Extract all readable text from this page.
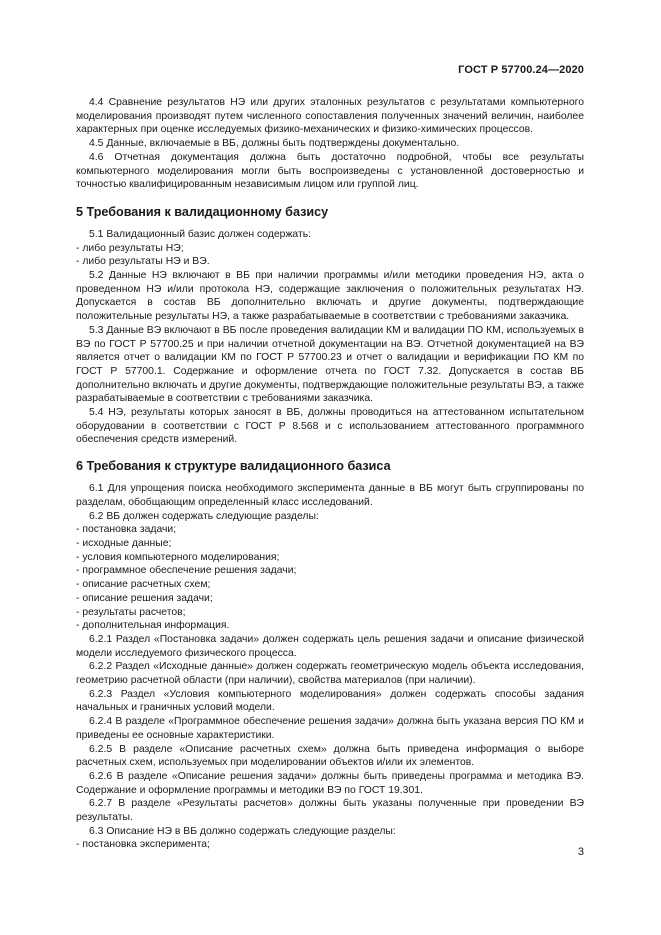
ГОСТ Р 57700.24—2020

4.4 Сравнение результатов НЭ или других эталонных результатов с результатами компьютерного моделирования производят путем численного сопоставления полученных значений величин, наиболее характерных при оценке исследуемых физико-механических и физико-химических процессов.

4.5 Данные, включаемые в ВБ, должны быть подтверждены документально.

4.6 Отчетная документация должна быть достаточно подробной, чтобы все результаты компьютерного моделирования могли быть воспроизведены с установленной достоверностью и точностью квалифицированным независимым лицом или группой лиц.

5 Требования к валидационному базису

5.1 Валидационный базис должен содержать:

- либо результаты НЭ;

- либо результаты НЭ и ВЭ.

5.2 Данные НЭ включают в ВБ при наличии программы и/или методики проведения НЭ, акта о проведенном НЭ и/или протокола НЭ, содержащие заключения о положительных результатах НЭ. Допускается в состав ВБ дополнительно включать и другие документы, подтверждающие положительные результаты НЭ, а также разрабатываемые в соответствии с требованиями заказчика.

5.3 Данные ВЭ включают в ВБ после проведения валидации КМ и валидации ПО КМ, используемых в ВЭ по ГОСТ Р 57700.25 и при наличии отчетной документации на ВЭ. Отчетной документацией на ВЭ является отчет о валидации КМ по ГОСТ Р 57700.23 и отчет о валидации и верификации ПО КМ по ГОСТ Р 57700.1. Содержание и оформление отчета по ГОСТ 7.32. Допускается в состав ВБ дополнительно включать и другие документы, подтверждающие положительные результаты ВЭ, а также разрабатываемые в соответствии с требованиями заказчика.

5.4 НЭ, результаты которых заносят в ВБ, должны проводиться на аттестованном испытательном оборудовании в соответствии с ГОСТ Р 8.568 и с использованием аттестованного программного обеспечения средств измерений.

6 Требования к структуре валидационного базиса

6.1 Для упрощения поиска необходимого эксперимента данные в ВБ могут быть сгруппированы по разделам, обобщающим определенный класс исследований.

6.2 ВБ должен содержать следующие разделы:

- постановка задачи;

- исходные данные;

- условия компьютерного моделирования;

- программное обеспечение решения задачи;

- описание расчетных схем;

- описание решения задачи;

- результаты расчетов;

- дополнительная информация.

6.2.1 Раздел «Постановка задачи» должен содержать цель решения задачи и описание физической модели исследуемого физического процесса.

6.2.2 Раздел «Исходные данные» должен содержать геометрическую модель объекта исследования, геометрию расчетной области (при наличии), свойства материалов (при наличии).

6.2.3 Раздел «Условия компьютерного моделирования» должен содержать способы задания начальных и граничных условий модели.

6.2.4 В разделе «Программное обеспечение решения задачи» должна быть указана версия ПО КМ и приведены ее основные характеристики.

6.2.5 В разделе «Описание расчетных схем» должна быть приведена информация о выборе расчетных схем, используемых при моделировании объектов и/или их элементов.

6.2.6 В разделе «Описание решения задачи» должны быть приведены программа и методика ВЭ. Содержание и оформление программы и методики ВЭ по ГОСТ 19.301.

6.2.7 В разделе «Результаты расчетов» должны быть указаны полученные при проведении ВЭ результаты.

6.3 Описание НЭ в ВБ должно содержать следующие разделы:

- постановка эксперимента;

3
